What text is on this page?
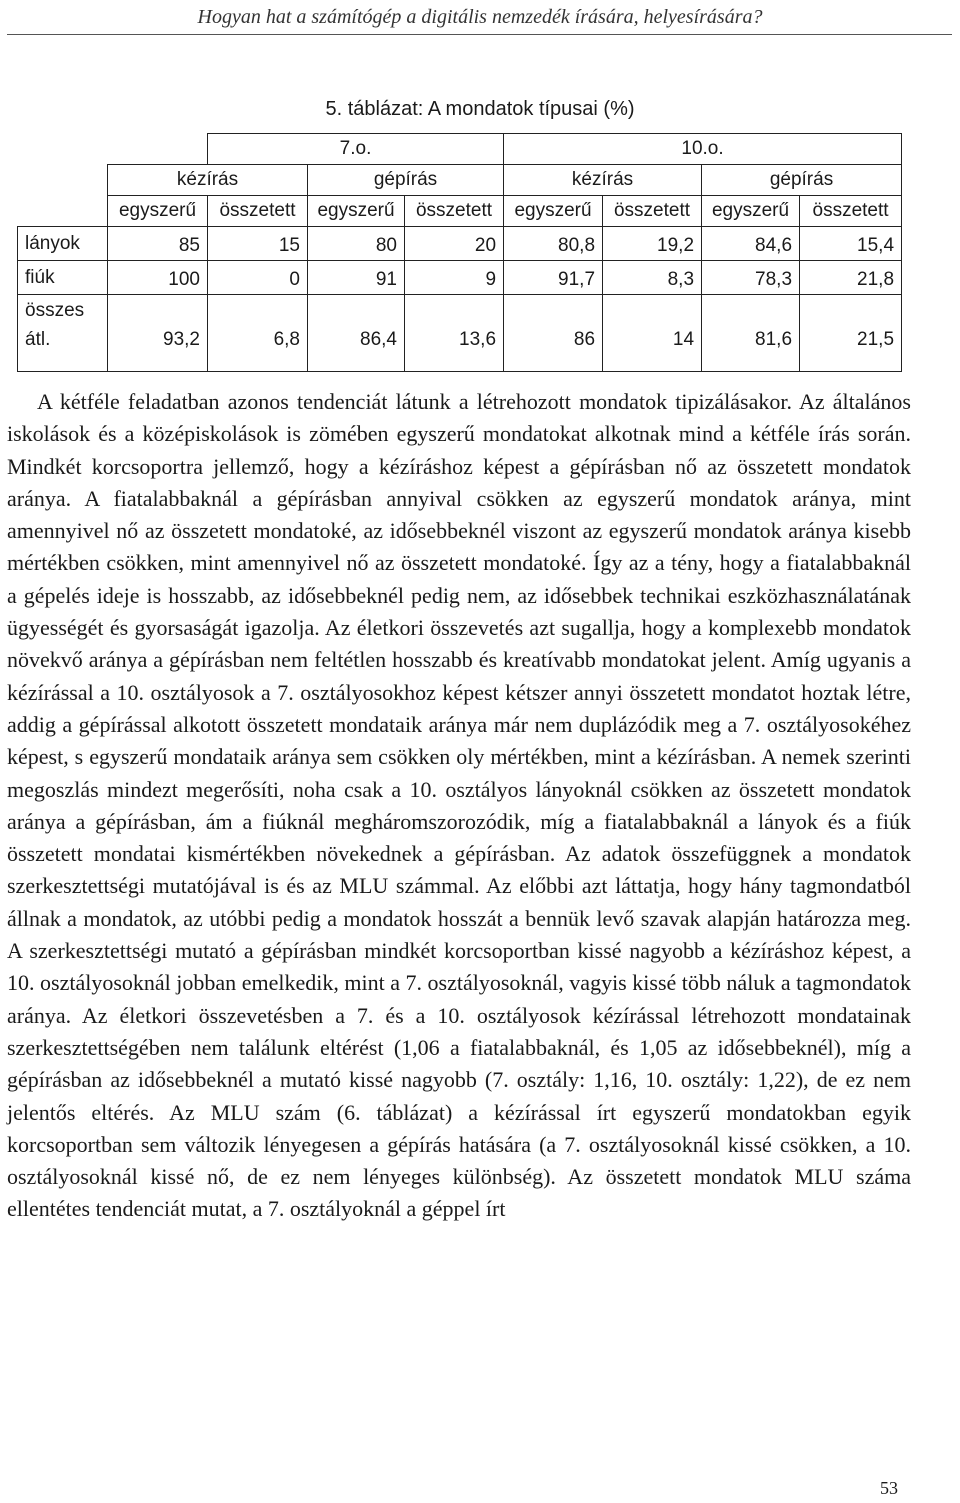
Hogyan hat a számítógép a digitális nemzedék írására, helyesírására?
5. táblázat: A mondatok típusai (%)
		7.o.			10.o.			
	kézírás		gépírás		kézírás		gépírás	
	egyszerű	összetett	egyszerű	összetett	egyszerű	összetett	egyszerű	összetett
lányok	85	15	80	20	80,8	19,2	84,6	15,4
fiúk	100	0	91	9	91,7	8,3	78,3	21,8
összes átl.	93,2	6,8	86,4	13,6	86	14	81,6	21,5

A kétféle feladatban azonos tendenciát látunk a létrehozott mondatok tipizálásakor. Az általános iskolások és a középiskolások is zömében egyszerű mondatokat alkotnak mind a kétféle írás során. Mindkét korcsoportra jellemző, hogy a kézíráshoz képest a gépírásban nő az összetett mondatok aránya. A fiatalabbaknál a gépírásban annyival csökken az egyszerű mondatok aránya, mint amennyivel nő az összetett mondatoké, az idősebbeknél viszont az egyszerű mondatok aránya kisebb mértékben csökken, mint amennyivel nő az összetett mondatoké. Így az a tény, hogy a fiatalabbaknál a gépelés ideje is hosszabb, az idősebbeknél pedig nem, az idősebbek technikai eszközhasználatának ügyességét és gyorsaságát igazolja. Az életkori összevetés azt sugallja, hogy a komplexebb mondatok növekvő aránya a gépírásban nem feltétlen hosszabb és kreatívabb mondatokat jelent. Amíg ugyanis a kézírással a 10. osztályosok a 7. osztályosokhoz képest kétszer annyi összetett mondatot hoztak létre, addig a gépírással alkotott összetett mondataik aránya már nem duplázódik meg a 7. osztályosokéhez képest, s egyszerű mondataik aránya sem csökken oly mértékben, mint a kézírásban. A nemek szerinti megoszlás mindezt megerősíti, noha csak a 10. osztályos lányoknál csökken az összetett mondatok aránya a gépírásban, ám a fiúknál megháromszorozódik, míg a fiatalabbaknál a lányok és a fiúk összetett mondatai kismértékben növekednek a gépírásban. Az adatok összefüggnek a mondatok szerkesztettségi mutatójával is és az MLU számmal. Az előbbi azt láttatja, hogy hány tagmondatból állnak a mondatok, az utóbbi pedig a mondatok hosszát a bennük levő szavak alapján határozza meg. A szerkesztettségi mutató a gépírásban mindkét korcsoportban kissé nagyobb a kézíráshoz képest, a 10. osztályosoknál jobban emelkedik, mint a 7. osztályosoknál, vagyis kissé több náluk a tagmondatok aránya. Az életkori összevetésben a 7. és a 10. osztályosok kézírással létrehozott mondatainak szerkesztettségében nem találunk eltérést (1,06 a fiatalabbaknál, és 1,05 az idősebbeknél), míg a gépírásban az idősebbeknél a mutató kissé nagyobb (7. osztály: 1,16, 10. osztály: 1,22), de ez nem jelentős eltérés. Az MLU szám (6. táblázat) a kézírással írt egyszerű mondatokban egyik korcsoportban sem változik lényegesen a gépírás hatására (a 7. osztályosoknál kissé csökken, a 10. osztályosoknál kissé nő, de ez nem lényeges különbség). Az összetett mondatok MLU száma ellentétes tendenciát mutat, a 7. osztályoknál a géppel írt

53
